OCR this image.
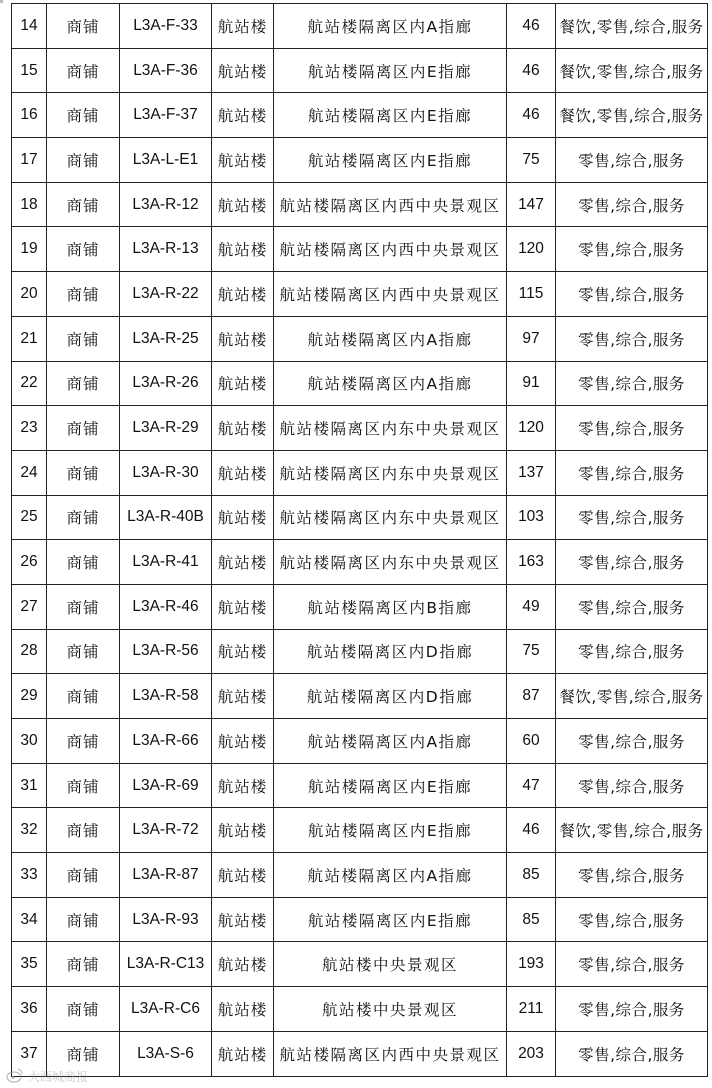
14	商铺	L3A-F-33	航站楼	航站楼隔离区内A指廊	46	餐饮,零售,综合,服务
15	商铺	L3A-F-36	航站楼	航站楼隔离区内E指廊	46	餐饮,零售,综合,服务
16	商铺	L3A-F-37	航站楼	航站楼隔离区内E指廊	46	餐饮,零售,综合,服务
17	商铺	L3A-L-E1	航站楼	航站楼隔离区内E指廊	75	零售,综合,服务
18	商铺	L3A-R-12	航站楼	航站楼隔离区内西中央景观区	147	零售,综合,服务
19	商铺	L3A-R-13	航站楼	航站楼隔离区内西中央景观区	120	零售,综合,服务
20	商铺	L3A-R-22	航站楼	航站楼隔离区内西中央景观区	115	零售,综合,服务
21	商铺	L3A-R-25	航站楼	航站楼隔离区内A指廊	97	零售,综合,服务
22	商铺	L3A-R-26	航站楼	航站楼隔离区内A指廊	91	零售,综合,服务
23	商铺	L3A-R-29	航站楼	航站楼隔离区内东中央景观区	120	零售,综合,服务
24	商铺	L3A-R-30	航站楼	航站楼隔离区内东中央景观区	137	零售,综合,服务
25	商铺	L3A-R-40B	航站楼	航站楼隔离区内东中央景观区	103	零售,综合,服务
26	商铺	L3A-R-41	航站楼	航站楼隔离区内东中央景观区	163	零售,综合,服务
27	商铺	L3A-R-46	航站楼	航站楼隔离区内B指廊	49	零售,综合,服务
28	商铺	L3A-R-56	航站楼	航站楼隔离区内D指廊	75	零售,综合,服务
29	商铺	L3A-R-58	航站楼	航站楼隔离区内D指廊	87	餐饮,零售,综合,服务
30	商铺	L3A-R-66	航站楼	航站楼隔离区内A指廊	60	零售,综合,服务
31	商铺	L3A-R-69	航站楼	航站楼隔离区内E指廊	47	零售,综合,服务
32	商铺	L3A-R-72	航站楼	航站楼隔离区内E指廊	46	餐饮,零售,综合,服务
33	商铺	L3A-R-87	航站楼	航站楼隔离区内A指廊	85	零售,综合,服务
34	商铺	L3A-R-93	航站楼	航站楼隔离区内E指廊	85	零售,综合,服务
35	商铺	L3A-R-C13	航站楼	航站楼中央景观区	193	零售,综合,服务
36	商铺	L3A-R-C6	航站楼	航站楼中央景观区	211	零售,综合,服务
37	商铺	L3A-S-6	航站楼	航站楼隔离区内西中央景观区	203	零售,综合,服务
大西城商报
